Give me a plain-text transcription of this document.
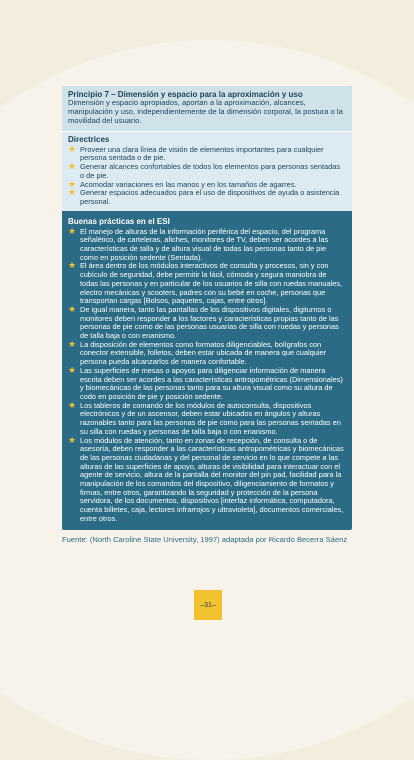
Principio 7 – Dimensión y espacio para la aproximación y uso
Dimensión y espacio apropiados, aportan a la aproximación, alcances, manipulación y uso, independientemente de la dimensión corporal, la postura o la movilidad del usuario.
Directrices
★ Proveer una clara línea de visión de elementos importantes para cualquier persona sentada o de pie.
★ Generar alcances confortables de todos los elementos para personas sentadas o de pie.
★ Acomodar variaciones en las manos y en los tamaños de agarres.
★ Generar espacios adecuados para el uso de dispositivos de ayuda o asistencia personal.
Buenas prácticas en el ESI
★ El manejo de alturas de la información periférica del espacio, del programa señalético, de carteleras, afiches, monitores de TV, deben ser acordes a las características de talla y de altura visual de todas las personas tanto de pie como en posición sedente (Sentada).
★ El área dentro de los módulos interactivos de consulta y procesos, sin y con cubículo de seguridad, debe permitir la fácil, cómoda y segura maniobra de todas las personas y en particular de los usuarios de silla con ruedas manuales, electro mecánicas y scooters, padres con su bebé en coche, personas que transportan cargas [Bolsos, paquetes, cajas, entre otros].
★ De igual manera, tanto las pantallas de los dispositivos digitales, digiturnos o monitores deben responder a los factores y características propias tanto de las personas de pie como de las personas usuarias de silla con ruedas y personas de talla baja o con enanismo.
★ La disposición de elementos como formatos diligenciables, bolígrafos con conector extensible, folletos, deben estar ubicada de manera que cualquier persona pueda alcanzarlos de manera confortable.
★ Las superficies de mesas o apoyos para diligenciar información de manera escrita deben ser acordes a las características antropométricas (Dimensionales) y biomecánicas de las personas tanto para su altura visual como su altura de codo en posición de pie y posición sedente.
★ Los tableros de comando de los módulos de autoconsulta, dispositivos electrónicos y de un ascensor, deben estar ubicados en ángulos y alturas razonables tanto para las personas de pie como para las personas sentadas en su silla con ruedas y personas de talla baja o con enanismo.
★ Los módulos de atención, tanto en zonas de recepción, de consulta o de asesoría, deben responder a las características antropométricas y biomecánicas de las personas ciudadanas y del personal de servicio en lo que compete a las alturas de las superficies de apoyo, alturas de visibilidad para interactuar con el agente de servicio, altura de la pantalla del monitor del pin pad, facilidad para la manipulación de los comandos del dispositivo, diligenciamiento de formatos y firmas, entre otros, garantizando la seguridad y protección de la persona servidora, de los documentos, dispositivos [interfaz informática, computadora, cuenta billetes, caja, lectores infrarrojos y ultravioleta], documentos comerciales, entre otros.
Fuente: (North Caroline State University, 1997) adaptada por Ricardo Becerra Sáenz
–31–
